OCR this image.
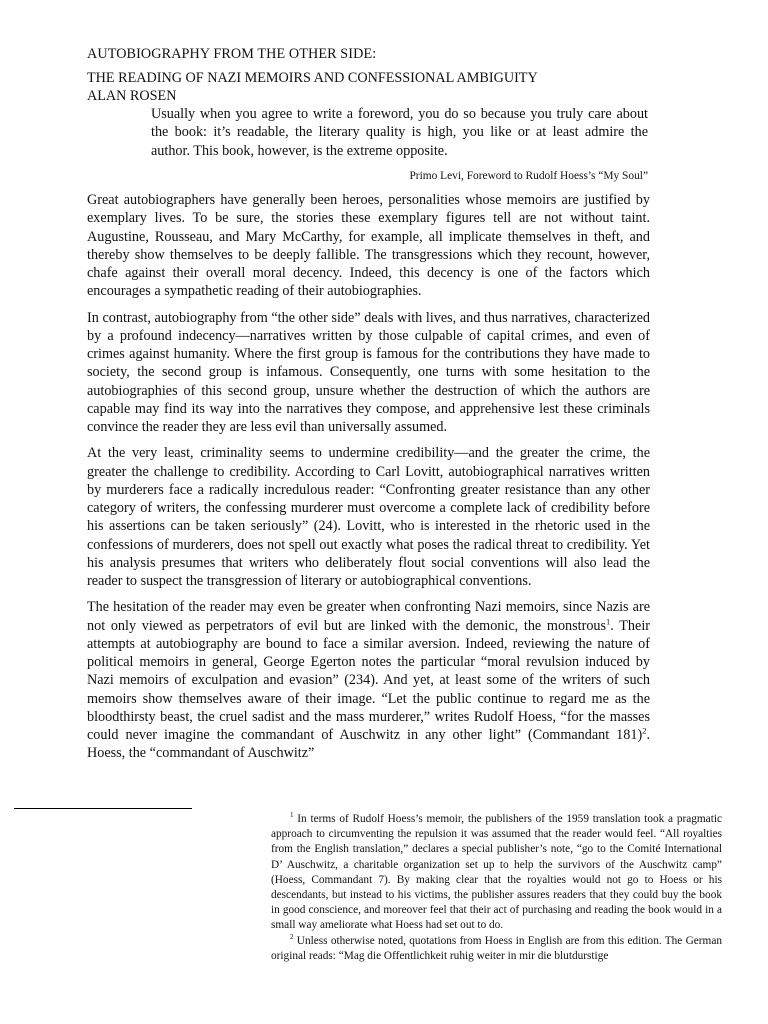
AUTOBIOGRAPHY FROM THE OTHER SIDE:
THE READING OF NAZI MEMOIRS AND CONFESSIONAL AMBIGUITY
ALAN ROSEN

Usually when you agree to write a foreword, you do so because you truly care about the book: it’s readable, the literary quality is high, you like or at least admire the author. This book, however, is the extreme opposite.

Primo Levi, Foreword to Rudolf Hoess’s “My Soul”

Great autobiographers have generally been heroes, personalities whose memoirs are justified by exemplary lives. To be sure, the stories these exemplary figures tell are not without taint. Augustine, Rousseau, and Mary McCarthy, for example, all implicate themselves in theft, and thereby show themselves to be deeply fallible. The transgressions which they recount, however, chafe against their overall moral decency. Indeed, this decency is one of the factors which encourages a sympathetic reading of their autobiographies.

In contrast, autobiography from “the other side” deals with lives, and thus narratives, characterized by a profound indecency—narratives written by those culpable of capital crimes, and even of crimes against humanity. Where the first group is famous for the contributions they have made to society, the second group is infamous. Consequently, one turns with some hesitation to the autobiographies of this second group, unsure whether the destruction of which the authors are capable may find its way into the narratives they compose, and apprehensive lest these criminals convince the reader they are less evil than universally assumed.

At the very least, criminality seems to undermine credibility—and the greater the crime, the greater the challenge to credibility. According to Carl Lovitt, autobiographical narratives written by murderers face a radically incredulous reader: “Confronting greater resistance than any other category of writers, the confessing murderer must overcome a complete lack of credibility before his assertions can be taken seriously” (24). Lovitt, who is interested in the rhetoric used in the confessions of murderers, does not spell out exactly what poses the radical threat to credibility. Yet his analysis presumes that writers who deliberately flout social conventions will also lead the reader to suspect the transgression of literary or autobiographical conventions.

The hesitation of the reader may even be greater when confronting Nazi memoirs, since Nazis are not only viewed as perpetrators of evil but are linked with the demonic, the monstrous$^1$. Their attempts at autobiography are bound to face a similar aversion. Indeed, reviewing the nature of political memoirs in general, George Egerton notes the particular “moral revulsion induced by Nazi memoirs of exculpation and evasion” (234). And yet, at least some of the writers of such memoirs show themselves aware of their image. “Let the public continue to regard me as the bloodthirsty beast, the cruel sadist and the mass murderer,” writes Rudolf Hoess, “for the masses could never imagine the commandant of Auschwitz in any other light” (Commandant 181)$^2$. Hoess, the “commandant of Auschwitz”

$^1$ In terms of Rudolf Hoess’s memoir, the publishers of the 1959 translation took a pragmatic approach to circumventing the repulsion it was assumed that the reader would feel. “All royalties from the English translation,” declares a special publisher’s note, “go to the Comité International D’ Auschwitz, a charitable organization set up to help the survivors of the Auschwitz camp” (Hoess, Commandant 7). By making clear that the royalties would not go to Hoess or his descendants, but instead to his victims, the publisher assures readers that they could buy the book in good conscience, and moreover feel that their act of purchasing and reading the book would in a small way ameliorate what Hoess had set out to do.

$^2$ Unless otherwise noted, quotations from Hoess in English are from this edition. The German original reads: “Mag die Offentlichkeit ruhig weiter in mir die blutdurstige
